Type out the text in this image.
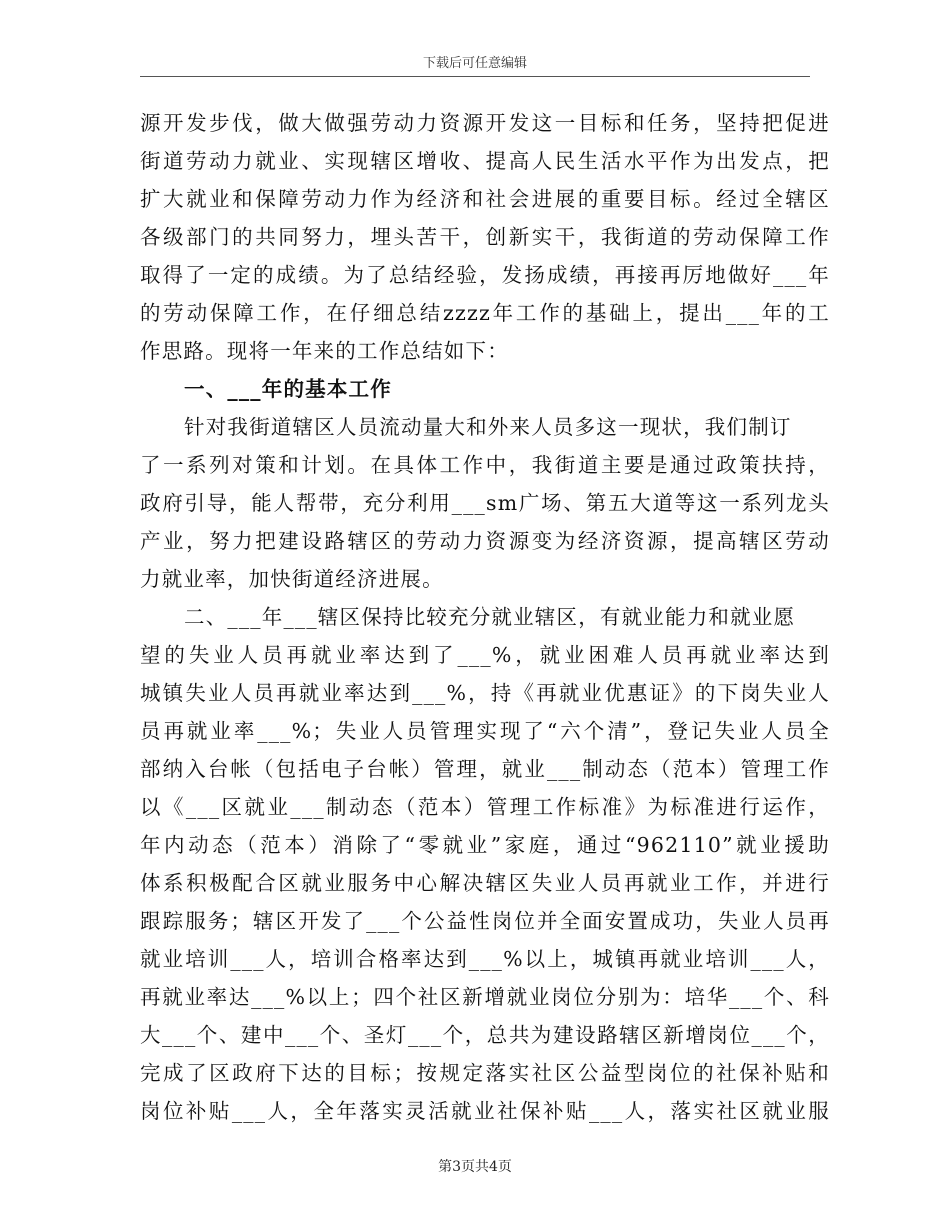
下载后可任意编辑
源开发步伐，做大做强劳动力资源开发这一目标和任务，坚持把促进
街道劳动力就业、实现辖区增收、提高人民生活水平作为出发点，把
扩大就业和保障劳动力作为经济和社会进展的重要目标。经过全辖区
各级部门的共同努力，埋头苦干，创新实干，我街道的劳动保障工作
取得了一定的成绩。为了总结经验，发扬成绩，再接再厉地做好___年
的劳动保障工作，在仔细总结zzzz年工作的基础上，提出___年的工
作思路。现将一年来的工作总结如下：
一、___年的基本工作
针对我街道辖区人员流动量大和外来人员多这一现状，我们制订
了一系列对策和计划。在具体工作中，我街道主要是通过政策扶持，
政府引导，能人帮带，充分利用___sm广场、第五大道等这一系列龙头
产业，努力把建设路辖区的劳动力资源变为经济资源，提高辖区劳动
力就业率，加快街道经济进展。
二、___年___辖区保持比较充分就业辖区，有就业能力和就业愿
望的失业人员再就业率达到了___%，就业困难人员再就业率达到
城镇失业人员再就业率达到___%，持《再就业优惠证》的下岗失业人
员再就业率___%；失业人员管理实现了“六个清”，登记失业人员全
部纳入台帐（包括电子台帐）管理，就业___制动态（范本）管理工作
以《___区就业___制动态（范本）管理工作标准》为标准进行运作，
年内动态（范本）消除了“零就业”家庭，通过“962110”就业援助
体系积极配合区就业服务中心解决辖区失业人员再就业工作，并进行
跟踪服务；辖区开发了___个公益性岗位并全面安置成功，失业人员再
就业培训___人，培训合格率达到___%以上，城镇再就业培训___人，
再就业率达___%以上；四个社区新增就业岗位分别为：培华___个、科
大___个、建中___个、圣灯___个，总共为建设路辖区新增岗位___个，
完成了区政府下达的目标；按规定落实社区公益型岗位的社保补贴和
岗位补贴___人，全年落实灵活就业社保补贴___人，落实社区就业服
第3页共4页
